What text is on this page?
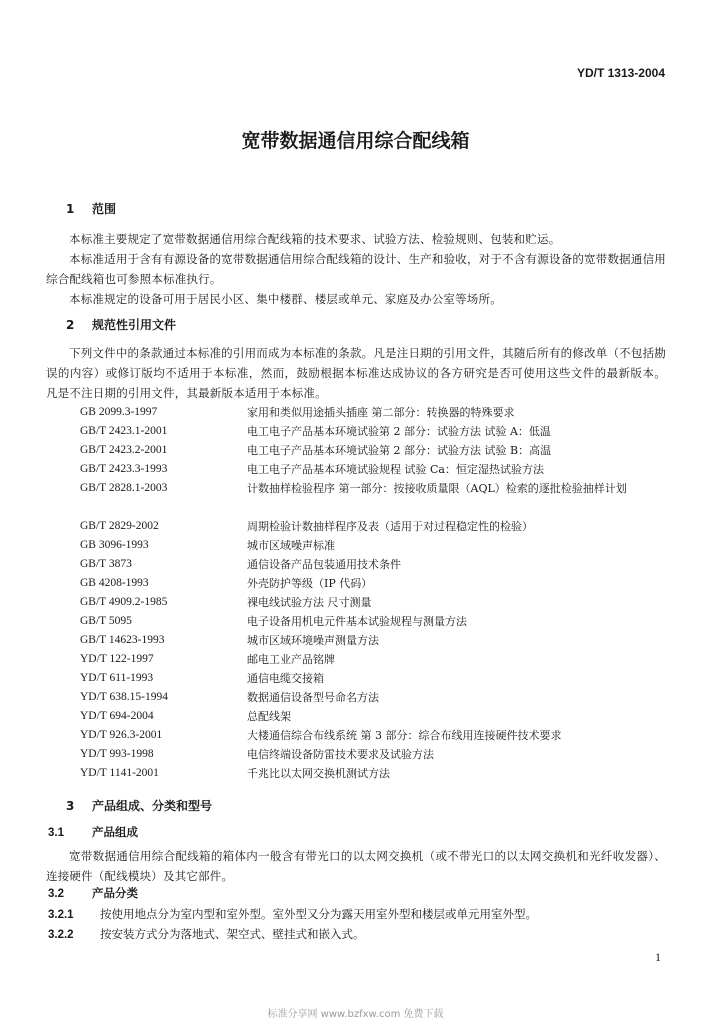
YD/T 1313-2004
宽带数据通信用综合配线箱
1 范围

本标准主要规定了宽带数据通信用综合配线箱的技术要求、试验方法、检验规则、包装和贮运。

本标准适用于含有有源设备的宽带数据通信用综合配线箱的设计、生产和验收，对于不含有源设备的宽带数据通信用综合配线箱也可参照本标准执行。

本标准规定的设备可用于居民小区、集中楼群、楼层或单元、家庭及办公室等场所。

2 规范性引用文件

下列文件中的条款通过本标准的引用而成为本标准的条款。凡是注日期的引用文件，其随后所有的修改单（不包括勘误的内容）或修订版均不适用于本标准，然而，鼓励根据本标准达成协议的各方研究是否可使用这些文件的最新版本。凡是不注日期的引用文件，其最新版本适用于本标准。

GB 2099.3-1997	家用和类似用途插头插座 第二部分：转换器的特殊要求
GB/T 2423.1-2001	电工电子产品基本环境试验第 2 部分：试验方法 试验 A：低温
GB/T 2423.2-2001	电工电子产品基本环境试验第 2 部分：试验方法 试验 B：高温
GB/T 2423.3-1993	电工电子产品基本环境试验规程 试验 Ca：恒定湿热试验方法
GB/T 2828.1-2003	计数抽样检验程序 第一部分：按接收质量限（AQL）检索的逐批检验抽样计划
GB/T 2829-2002	周期检验计数抽样程序及表（适用于对过程稳定性的检验）
GB 3096-1993	城市区域噪声标准
GB/T 3873	通信设备产品包装通用技术条件
GB 4208-1993	外壳防护等级（IP 代码）
GB/T 4909.2-1985	裸电线试验方法 尺寸测量
GB/T 5095	电子设备用机电元件基本试验规程与测量方法
GB/T 14623-1993	城市区域环境噪声测量方法
YD/T 122-1997	邮电工业产品铭牌
YD/T 611-1993	通信电缆交接箱
YD/T 638.15-1994	数据通信设备型号命名方法
YD/T 694-2004	总配线架
YD/T 926.3-2001	大楼通信综合布线系统 第 3 部分：综合布线用连接硬件技术要求
YD/T 993-1998	电信终端设备防雷技术要求及试验方法
YD/T 1141-2001	千兆比以太网交换机测试方法
3 产品组成、分类和型号
3.1 产品组成

宽带数据通信用综合配线箱的箱体内一般含有带光口的以太网交换机（或不带光口的以太网交换机和光纤收发器）、连接硬件（配线模块）及其它部件。

3.2 产品分类
3.2.1 按使用地点分为室内型和室外型。室外型又分为露天用室外型和楼层或单元用室外型。
3.2.2 按安装方式分为落地式、架空式、壁挂式和嵌入式。
1
标准分享网 www.bzfxw.com 免费下载
